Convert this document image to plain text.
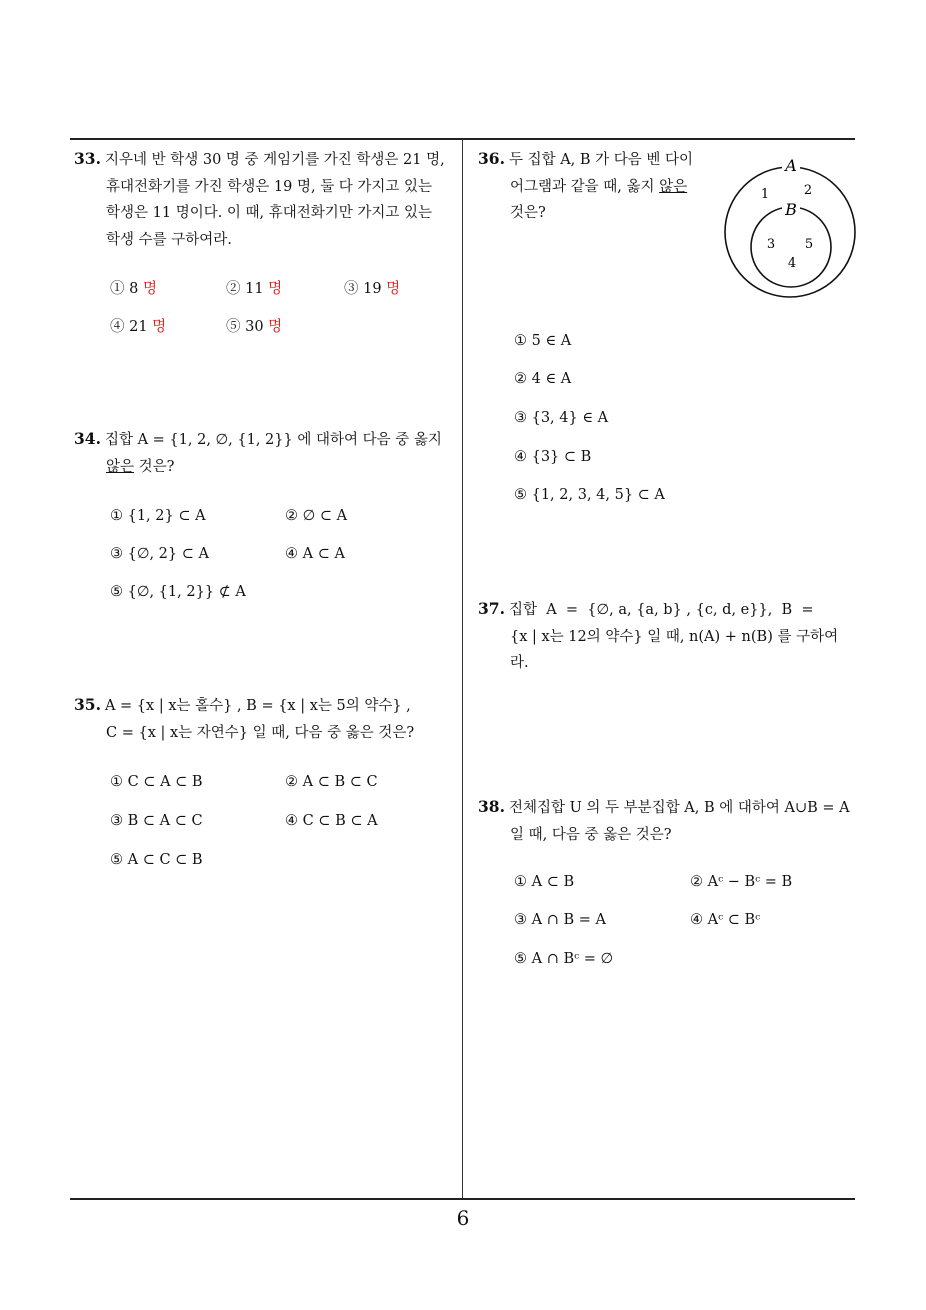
33. 지우네 반 학생 30 명 중 게임기를 가진 학생은 21 명,
휴대전화기를 가진 학생은 19 명, 둘 다 가지고 있는
학생은 11 명이다. 이 때, 휴대전화기만 가지고 있는
학생 수를 구하여라.
① 8 명	② 11 명	③ 19 명
④ 21 명	⑤ 30 명
34. 집합 A = {1, 2, ∅, {1, 2}} 에 대하여 다음 중 옳지
않은 것은?
① {1, 2} ⊂ A	② ∅ ⊂ A
③ {∅, 2} ⊂ A	④ A ⊂ A
⑤ {∅, {1, 2}} ⊄ A
35. A = {x | x는 홀수} , B = {x | x는 5의 약수} ,
C = {x | x는 자연수} 일 때, 다음 중 옳은 것은?
① C ⊂ A ⊂ B	② A ⊂ B ⊂ C
③ B ⊂ A ⊂ C	④ C ⊂ B ⊂ A
⑤ A ⊂ C ⊂ B
36. 두 집합 A, B 가 다음 벤 다이
어그램과 같을 때, 옳지 않은
것은?
A
B
1	2
3 5
4
① 5 ∈ A
② 4 ∈ A
③ {3, 4} ∈ A
④ {3} ⊂ B
⑤ {1, 2, 3, 4, 5} ⊂ A
37. 집합  A  =  {∅, a, {a, b} , {c, d, e}},  B  =
{x | x는 12의 약수} 일 때, n(A) + n(B) 를 구하여
라.
38. 전체집합 U 의 두 부분집합 A, B 에 대하여 A∪B = A
일 때, 다음 중 옳은 것은?
① A ⊂ B	② Aᶜ − Bᶜ = B
③ A ∩ B = A	④ Aᶜ ⊂ Bᶜ
⑤ A ∩ Bᶜ = ∅
6
